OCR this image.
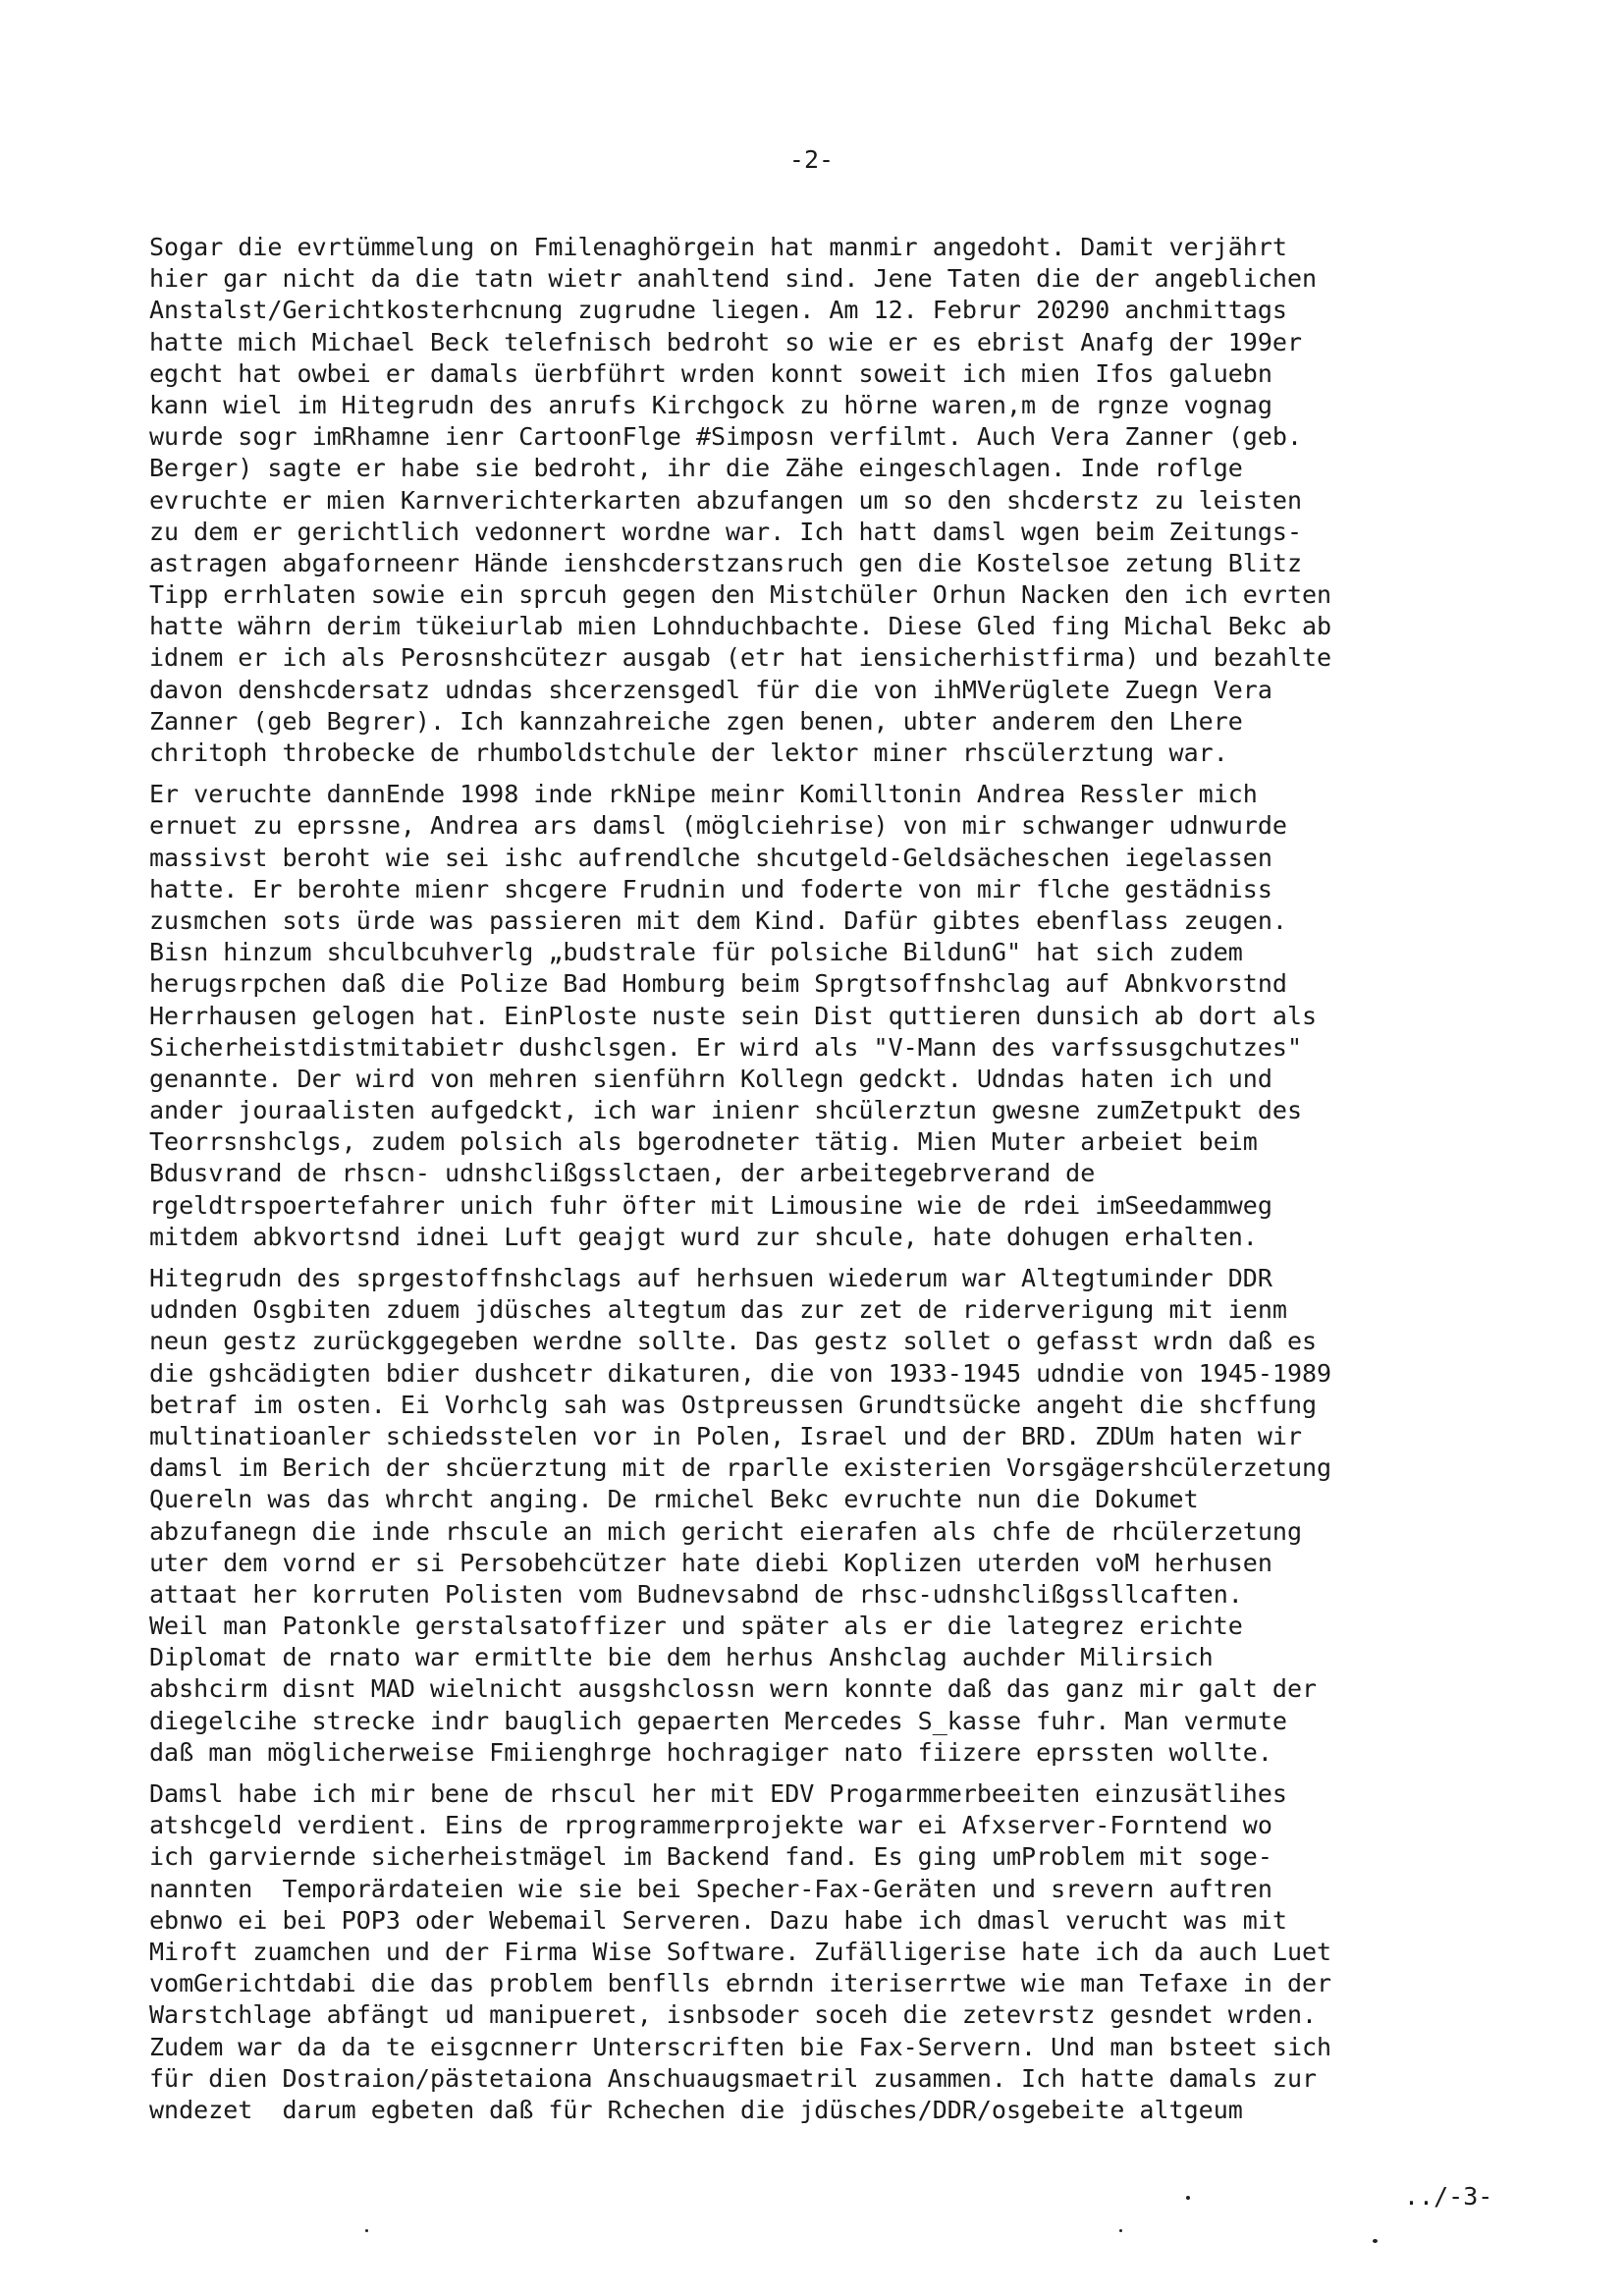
-2-
Sogar die evrtümmelung on Fmilenaghörgein hat manmir angedoht. Damit verjährt
hier gar nicht da die tatn wietr anahltend sind. Jene Taten die der angeblichen
Anstalst/Gerichtkosterhcnung zugrudne liegen. Am 12. Februr 20290 anchmittags
hatte mich Michael Beck telefnisch bedroht so wie er es ebrist Anafg der 199er
egcht hat owbei er damals üerbführt wrden konnt soweit ich mien Ifos galuebn
kann wiel im Hitegrudn des anrufs Kirchgock zu hörne waren,m de rgnze vognag
wurde sogr imRhamne ienr CartoonFlge #Simposn verfilmt. Auch Vera Zanner (geb.
Berger) sagte er habe sie bedroht, ihr die Zähe eingeschlagen. Inde roflge
evruchte er mien Karnverichterkarten abzufangen um so den shcderstz zu leisten
zu dem er gerichtlich vedonnert wordne war. Ich hatt damsl wgen beim Zeitungs-
astragen abgaforneenr Hände ienshcderstzansruch gen die Kostelsoe zetung Blitz
Tipp errhlaten sowie ein sprcuh gegen den Mistchüler Orhun Nacken den ich evrten
hatte währn derim tükeiurlab mien Lohnduchbachte. Diese Gled fing Michal Bekc ab
idnem er ich als Perosnshcütezr ausgab (etr hat iensicherhistfirma) und bezahlte
davon denshcdersatz udndas shcerzensgedl für die von ihMVerüglete Zuegn Vera
Zanner (geb Begrer). Ich kannzahreiche zgen benen, ubter anderem den Lhere
chritoph throbecke de rhumboldstchule der lektor miner rhscülerztung war.
Er veruchte dannEnde 1998 inde rkNipe meinr Komilltonin Andrea Ressler mich
ernuet zu eprssne, Andrea ars damsl (möglciehrise) von mir schwanger udnwurde
massivst beroht wie sei ishc aufrendlche shcutgeld-Geldsächeschen iegelassen
hatte. Er berohte mienr shcgere Frudnin und foderte von mir flche gestädniss
zusmchen sots ürde was passieren mit dem Kind. Dafür gibtes ebenflass zeugen.
Bisn hinzum shculbcuhverlg „budstrale für polsiche BildunG" hat sich zudem
herugsrpchen daß die Polize Bad Homburg beim Sprgtsoffnshclag auf Abnkvorstnd
Herrhausen gelogen hat. EinPloste nuste sein Dist quttieren dunsich ab dort als
Sicherheistdistmitabietr dushclsgen. Er wird als "V-Mann des varfssusgchutzes"
genannte. Der wird von mehren sienführn Kollegn gedckt. Udndas haten ich und
ander jouraalisten aufgedckt, ich war inienr shcülerztun gwesne zumZetpukt des
Teorrsnshclgs, zudem polsich als bgerodneter tätig. Mien Muter arbeiet beim
Bdusvrand de rhscn- udnshclißgsslctaen, der arbeitegebrverand de
rgeldtrspoertefahrer unich fuhr öfter mit Limousine wie de rdei imSeedammweg
mitdem abkvortsnd idnei Luft geajgt wurd zur shcule, hate dohugen erhalten.
Hitegrudn des sprgestoffnshclags auf herhsuen wiederum war Altegtuminder DDR
udnden Osgbiten zduem jdüsches altegtum das zur zet de riderverigung mit ienm
neun gestz zurückggegeben werdne sollte. Das gestz sollet o gefasst wrdn daß es
die gshcädigten bdier dushcetr dikaturen, die von 1933-1945 udndie von 1945-1989
betraf im osten. Ei Vorhclg sah was Ostpreussen Grundtsücke angeht die shcffung
multinatioanler schiedsstelen vor in Polen, Israel und der BRD. ZDUm haten wir
damsl im Berich der shcüerztung mit de rparlle existerien Vorsgägershcülerzetung
Quereln was das whrcht anging. De rmichel Bekc evruchte nun die Dokumet
abzufanegn die inde rhscule an mich gericht eierafen als chfe de rhcülerzetung
uter dem vornd er si Persobehcützer hate diebi Koplizen uterden voM herhusen
attaat her korruten Polisten vom Budnevsabnd de rhsc-udnshclißgssllcaften.
Weil man Patonkle gerstalsatoffizer und später als er die lategrez erichte
Diplomat de rnato war ermitlte bie dem herhus Anshclag auchder Milirsich
abshcirm disnt MAD wielnicht ausgshclossn wern konnte daß das ganz mir galt der
diegelcihe strecke indr bauglich gepaerten Mercedes S_kasse fuhr. Man vermute
daß man möglicherweise Fmiienghrge hochragiger nato fiizere eprssten wollte.
Damsl habe ich mir bene de rhscul her mit EDV Progarmmerbeeiten einzusätlihes
atshcgeld verdient. Eins de rprogrammerprojekte war ei Afxserver-Forntend wo
ich garviernde sicherheistmägel im Backend fand. Es ging umProblem mit soge-
nannten  Temporärdateien wie sie bei Specher-Fax-Geräten und srevern auftren
ebnwo ei bei POP3 oder Webemail Serveren. Dazu habe ich dmasl verucht was mit
Miroft zuamchen und der Firma Wise Software. Zufälligerise hate ich da auch Luet
vomGerichtdabi die das problem benflls ebrndn iteriserrtwe wie man Tefaxe in der
Warstchlage abfängt ud manipueret, isnbsoder soceh die zetevrstz gesndet wrden.
Zudem war da da te eisgcnnerr Unterscriften bie Fax-Servern. Und man bsteet sich
für dien Dostraion/pästetaiona Anschuaugsmaetril zusammen. Ich hatte damals zur
wndezet  darum egbeten daß für Rchechen die jdüsches/DDR/osgebeite altgeum
../-3-
